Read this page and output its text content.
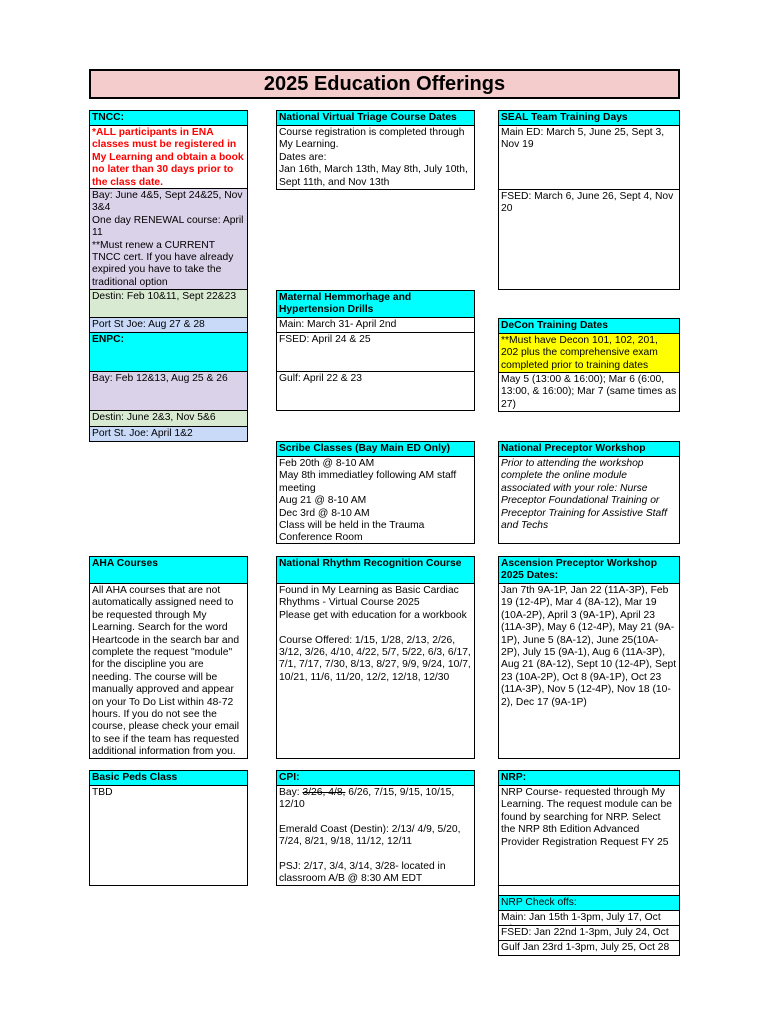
2025 Education Offerings
TNCC:
*ALL participants in ENA classes must be registered in My Learning and obtain a book no later than 30 days prior to the class date.
Bay: June 4&5, Sept 24&25, Nov 3&4
One day RENEWAL course: April 11
**Must renew a CURRENT TNCC cert. If you have already expired you have to take the traditional option
Destin: Feb 10&11, Sept 22&23
Port St Joe: Aug 27 & 28
ENPC:
Bay: Feb 12&13, Aug 25 & 26
Destin: June 2&3, Nov 5&6
Port St. Joe: April 1&2
National Virtual Triage Course Dates
Course registration is completed through My Learning.
Dates are:
Jan 16th, March 13th, May 8th, July 10th, Sept 11th, and Nov 13th
Maternal Hemmorhage and Hypertension Drills
Main: March 31- April 2nd
FSED: April 24 & 25
Gulf: April 22 & 23
SEAL Team Training Days
Main ED: March 5, June 25, Sept 3, Nov 19
FSED: March 6, June 26, Sept 4, Nov 20
DeCon Training Dates
**Must have Decon 101, 102, 201, 202 plus the comprehensive exam completed prior to training dates
May 5 (13:00 & 16:00); Mar 6 (6:00, 13:00, & 16:00); Mar 7 (same times as 27)
Scribe Classes (Bay Main ED Only)
Feb 20th @ 8-10 AM
May 8th immediatley following AM staff meeting
Aug 21 @ 8-10 AM
Dec 3rd @ 8-10 AM
Class will be held in the Trauma Conference Room
National Preceptor Workshop
Prior to attending the workshop complete the online module associated with your role: Nurse Preceptor Foundational Training or Preceptor Training for Assistive Staff and Techs
AHA Courses
All AHA courses that are not automatically assigned need to be requested through My Learning. Search for the word Heartcode in the search bar and complete the request "module" for the discipline you are needing. The course will be manually approved and appear on your To Do List within 48-72 hours. If you do not see the course, please check your email to see if the team has requested additional information from you.
National Rhythm Recognition Course
Found in My Learning as Basic Cardiac Rhythms - Virtual Course 2025
Please get with education for a workbook

Course Offered: 1/15, 1/28, 2/13, 2/26, 3/12, 3/26, 4/10, 4/22, 5/7, 5/22, 6/3, 6/17, 7/1, 7/17, 7/30, 8/13, 8/27, 9/9, 9/24, 10/7, 10/21, 11/6, 11/20, 12/2, 12/18, 12/30
Ascension Preceptor Workshop 2025 Dates:
Jan 7th 9A-1P, Jan 22 (11A-3P), Feb 19 (12-4P), Mar 4 (8A-12), Mar 19 (10A-2P), April 3 (9A-1P), April 23 (11A-3P), May 6 (12-4P), May 21 (9A-1P), June 5 (8A-12), June 25(10A-2P), July 15 (9A-1), Aug 6 (11A-3P), Aug 21 (8A-12), Sept 10 (12-4P), Sept 23 (10A-2P), Oct 8 (9A-1P), Oct 23 (11A-3P), Nov 5 (12-4P), Nov 18 (10-2), Dec 17 (9A-1P)
Basic Peds Class
TBD
CPI:
Bay: 3/26, 4/8, 6/26, 7/15, 9/15, 10/15, 12/10
Emerald Coast (Destin): 2/13/ 4/9, 5/20, 7/24, 8/21, 9/18, 11/12, 12/11
PSJ: 2/17, 3/4, 3/14, 3/28- located in classroom A/B @ 8:30 AM EDT
NRP:
NRP Course- requested through My Learning. The request module can be found by searching for NRP. Select the NRP 8th Edition Advanced Provider Registration Request FY 25
NRP Check offs:
Main: Jan 15th 1-3pm, July 17, Oct
FSED: Jan 22nd 1-3pm, July 24, Oct
Gulf Jan 23rd 1-3pm, July 25, Oct 28
